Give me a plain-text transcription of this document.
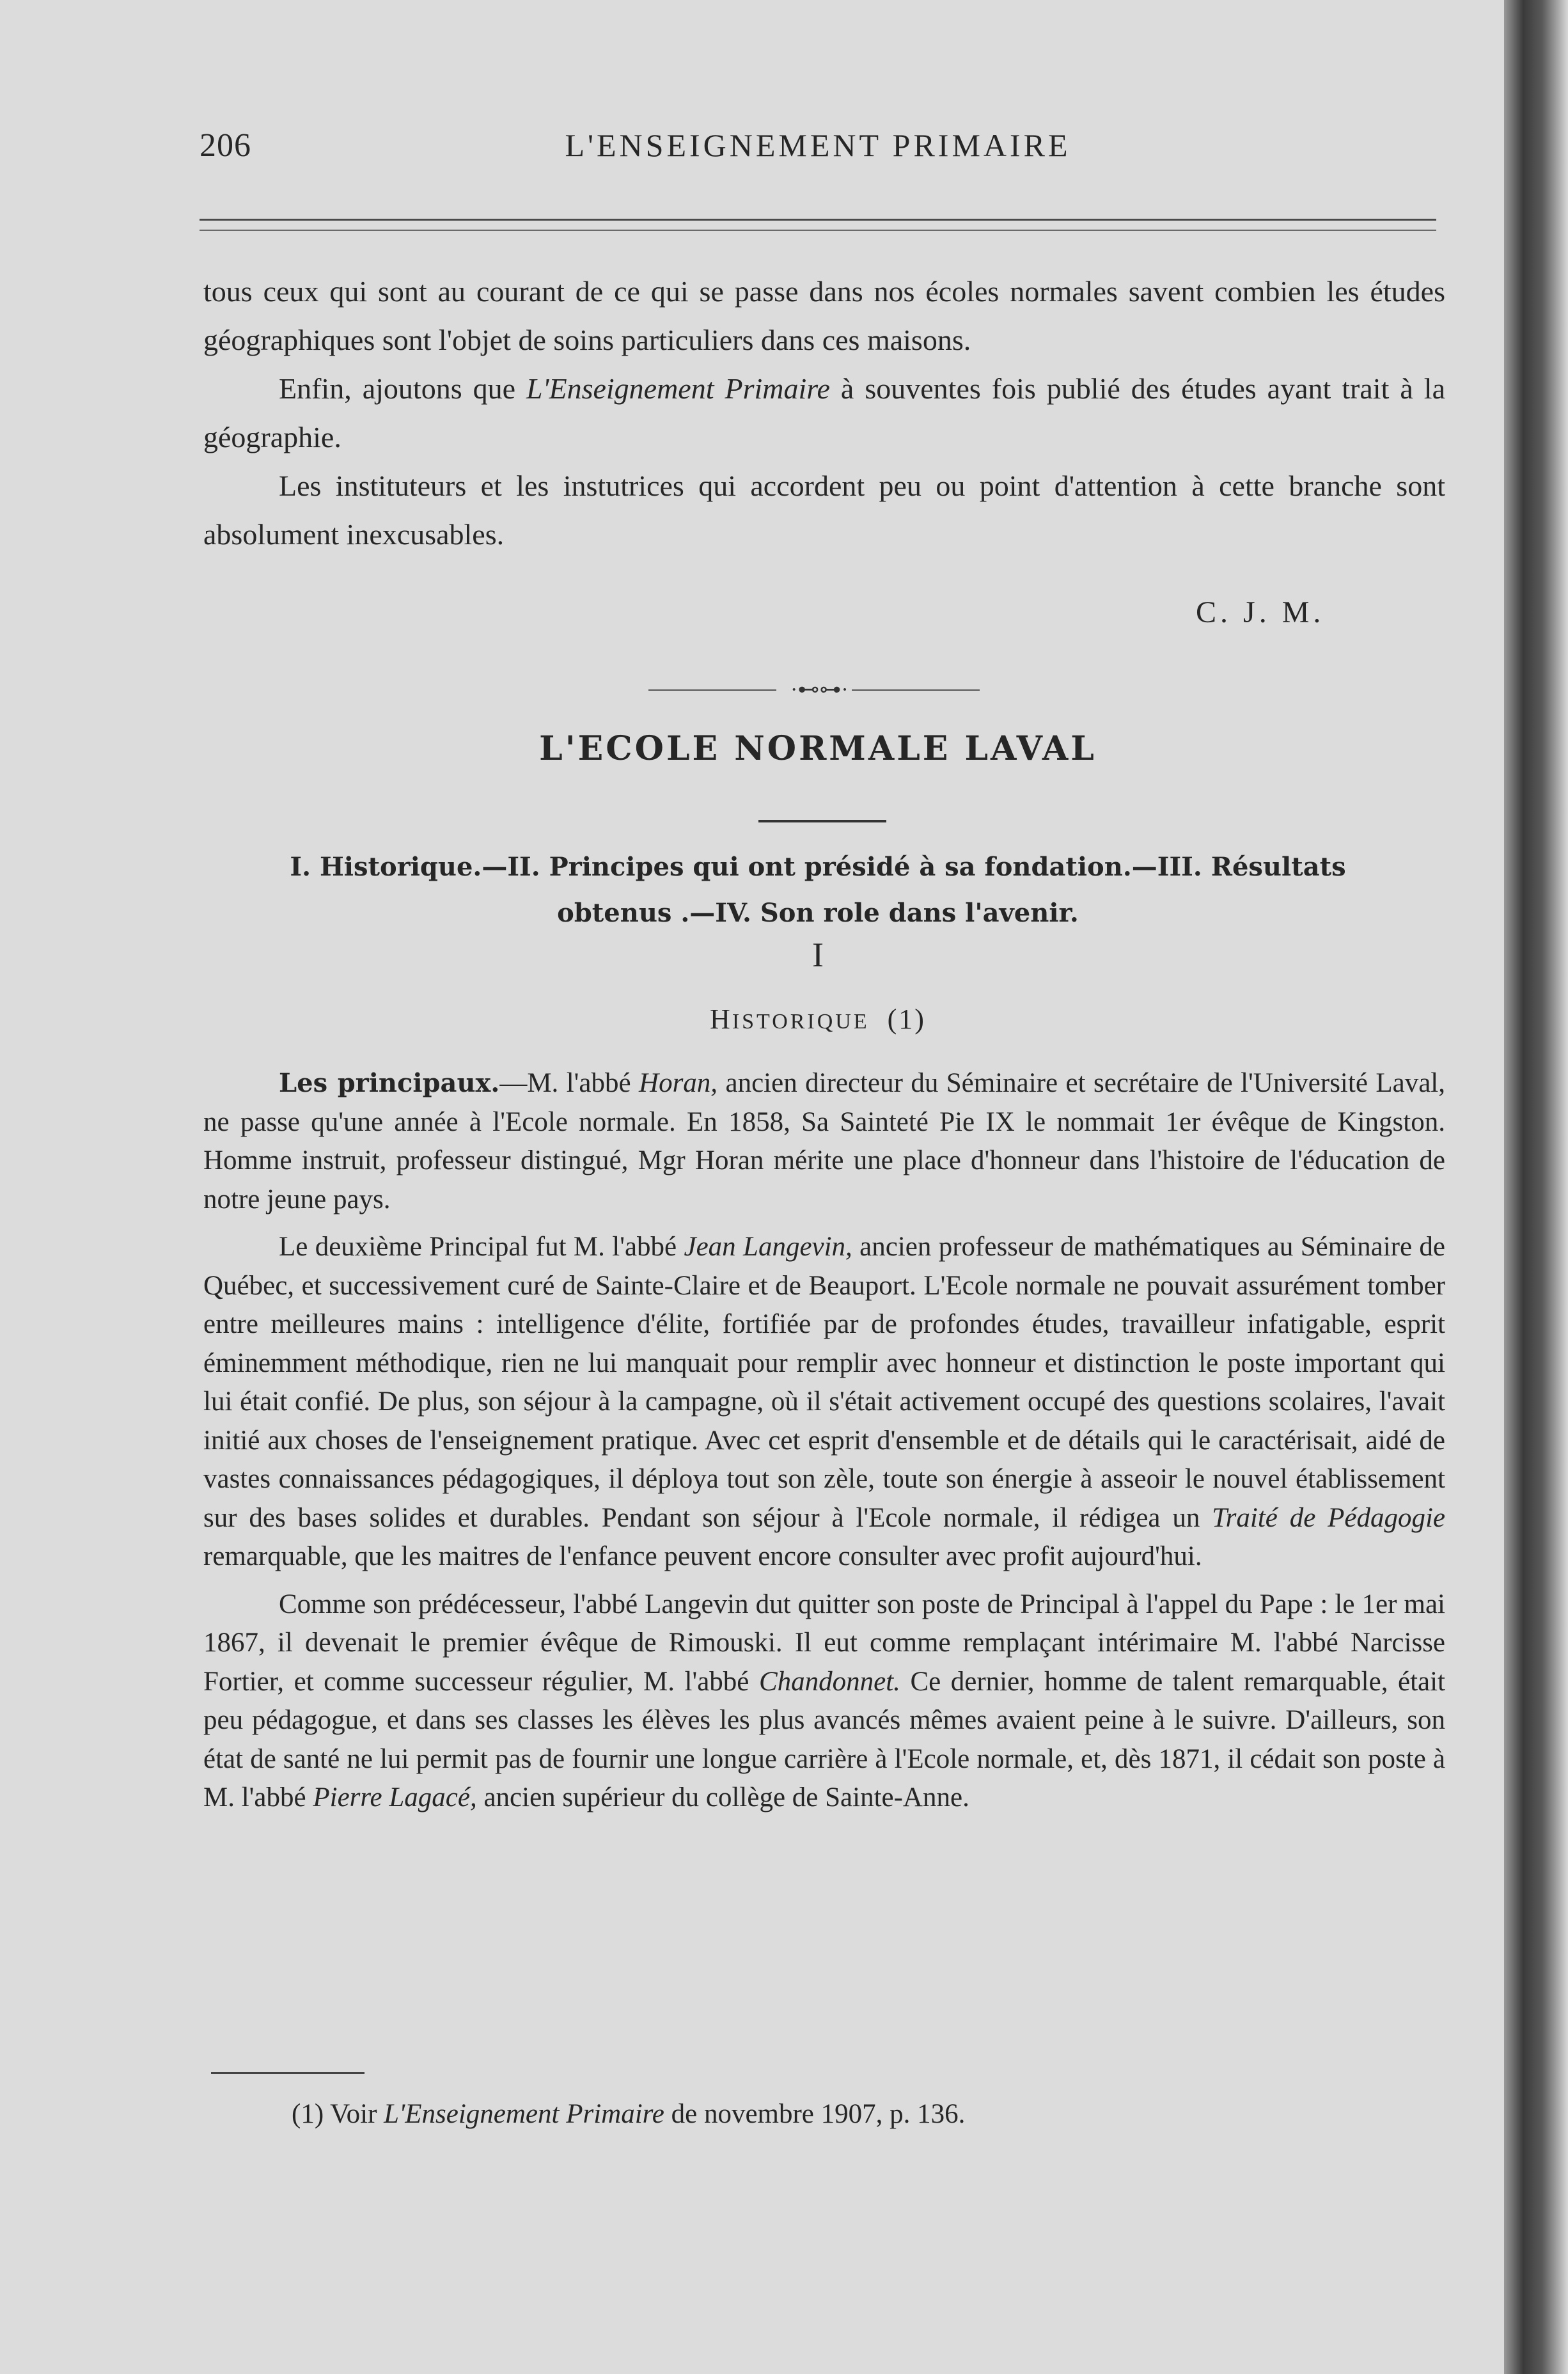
206	L'ENSEIGNEMENT PRIMAIRE

tous ceux qui sont au courant de ce qui se passe dans nos écoles normales savent combien les études géographiques sont l'objet de soins particuliers dans ces maisons.

Enfin, ajoutons que L'Enseignement Primaire à souventes fois publié des études ayant trait à la géographie.

Les instituteurs et les instutrices qui accordent peu ou point d'attention à cette branche sont absolument inexcusables.

C. J. M.
·⊷⊶·
L'ECOLE NORMALE LAVAL
I. Historique.—II. Principes qui ont présidé à sa fondation.—III. Résultats
obtenus .—IV. Son role dans l'avenir.
I
HISTORIQUE (1)

Les principaux.—M. l'abbé Horan, ancien directeur du Séminaire et secrétaire de l'Université Laval, ne passe qu'une année à l'Ecole normale. En 1858, Sa Sainteté Pie IX le nommait 1er évêque de Kingston. Homme instruit, professeur distingué, Mgr Horan mérite une place d'honneur dans l'histoire de l'éducation de notre jeune pays.

Le deuxième Principal fut M. l'abbé Jean Langevin, ancien professeur de mathématiques au Séminaire de Québec, et successivement curé de Sainte-Claire et de Beauport. L'Ecole normale ne pouvait assurément tomber entre meilleures mains : intelligence d'élite, fortifiée par de profondes études, travailleur infatigable, esprit éminemment méthodique, rien ne lui manquait pour remplir avec honneur et distinction le poste important qui lui était confié. De plus, son séjour à la campagne, où il s'était activement occupé des questions scolaires, l'avait initié aux choses de l'enseignement pratique. Avec cet esprit d'ensemble et de détails qui le caractérisait, aidé de vastes connaissances pédagogiques, il déploya tout son zèle, toute son énergie à asseoir le nouvel établissement sur des bases solides et durables. Pendant son séjour à l'Ecole normale, il rédigea un Traité de Pédagogie remarquable, que les maitres de l'enfance peuvent encore consulter avec profit aujourd'hui.

Comme son prédécesseur, l'abbé Langevin dut quitter son poste de Principal à l'appel du Pape : le 1er mai 1867, il devenait le premier évêque de Rimouski. Il eut comme remplaçant intérimaire M. l'abbé Narcisse Fortier, et comme successeur régulier, M. l'abbé Chandonnet. Ce dernier, homme de talent remarquable, était peu pédagogue, et dans ses classes les élèves les plus avancés mêmes avaient peine à le suivre. D'ailleurs, son état de santé ne lui permit pas de fournir une longue carrière à l'Ecole normale, et, dès 1871, il cédait son poste à M. l'abbé Pierre Lagacé, ancien supérieur du collège de Sainte-Anne.

(1) Voir L'Enseignement Primaire de novembre 1907, p. 136.
